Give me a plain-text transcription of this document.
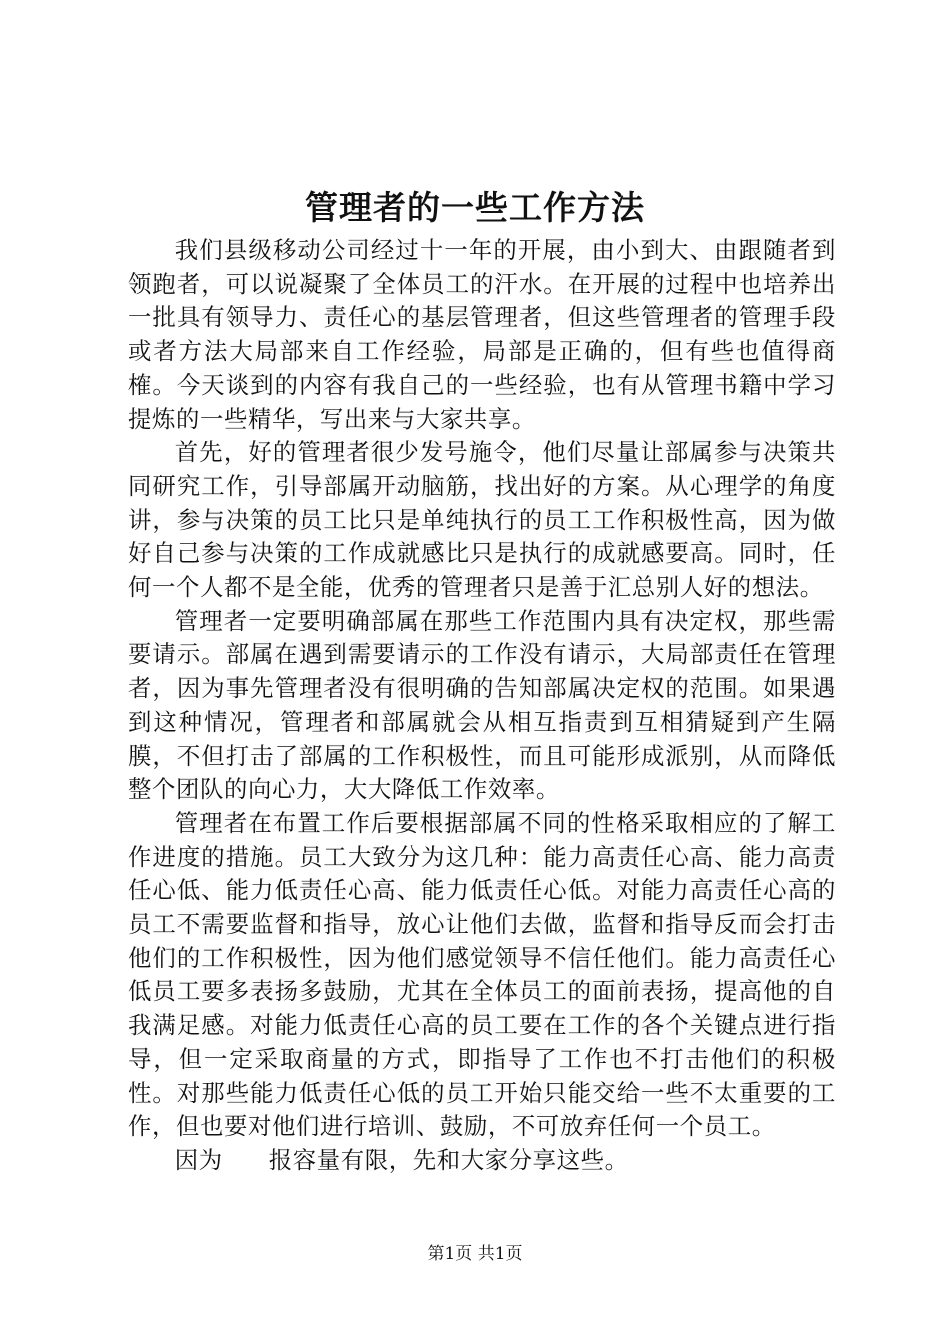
管理者的一些工作方法

我们县级移动公司经过十一年的开展，由小到大、由跟随者到领跑者，可以说凝聚了全体员工的汗水。在开展的过程中也培养出一批具有领导力、责任心的基层管理者，但这些管理者的管理手段或者方法大局部来自工作经验，局部是正确的，但有些也值得商榷。今天谈到的内容有我自己的一些经验，也有从管理书籍中学习提炼的一些精华，写出来与大家共享。

首先，好的管理者很少发号施令，他们尽量让部属参与决策共同研究工作，引导部属开动脑筋，找出好的方案。从心理学的角度讲，参与决策的员工比只是单纯执行的员工工作积极性高，因为做好自己参与决策的工作成就感比只是执行的成就感要高。同时，任何一个人都不是全能，优秀的管理者只是善于汇总别人好的想法。

管理者一定要明确部属在那些工作范围内具有决定权，那些需要请示。部属在遇到需要请示的工作没有请示，大局部责任在管理者，因为事先管理者没有很明确的告知部属决定权的范围。如果遇到这种情况，管理者和部属就会从相互指责到互相猜疑到产生隔膜，不但打击了部属的工作积极性，而且可能形成派别，从而降低整个团队的向心力，大大降低工作效率。

管理者在布置工作后要根据部属不同的性格采取相应的了解工作进度的措施。员工大致分为这几种：能力高责任心高、能力高责任心低、能力低责任心高、能力低责任心低。对能力高责任心高的员工不需要监督和指导，放心让他们去做，监督和指导反而会打击他们的工作积极性，因为他们感觉领导不信任他们。能力高责任心低员工要多表扬多鼓励，尤其在全体员工的面前表扬，提高他的自我满足感。对能力低责任心高的员工要在工作的各个关键点进行指导，但一定采取商量的方式，即指导了工作也不打击他们的积极性。对那些能力低责任心低的员工开始只能交给一些不太重要的工作，但也要对他们进行培训、鼓励，不可放弃任何一个员工。

因为 报容量有限，先和大家分享这些。

第1页 共1页
